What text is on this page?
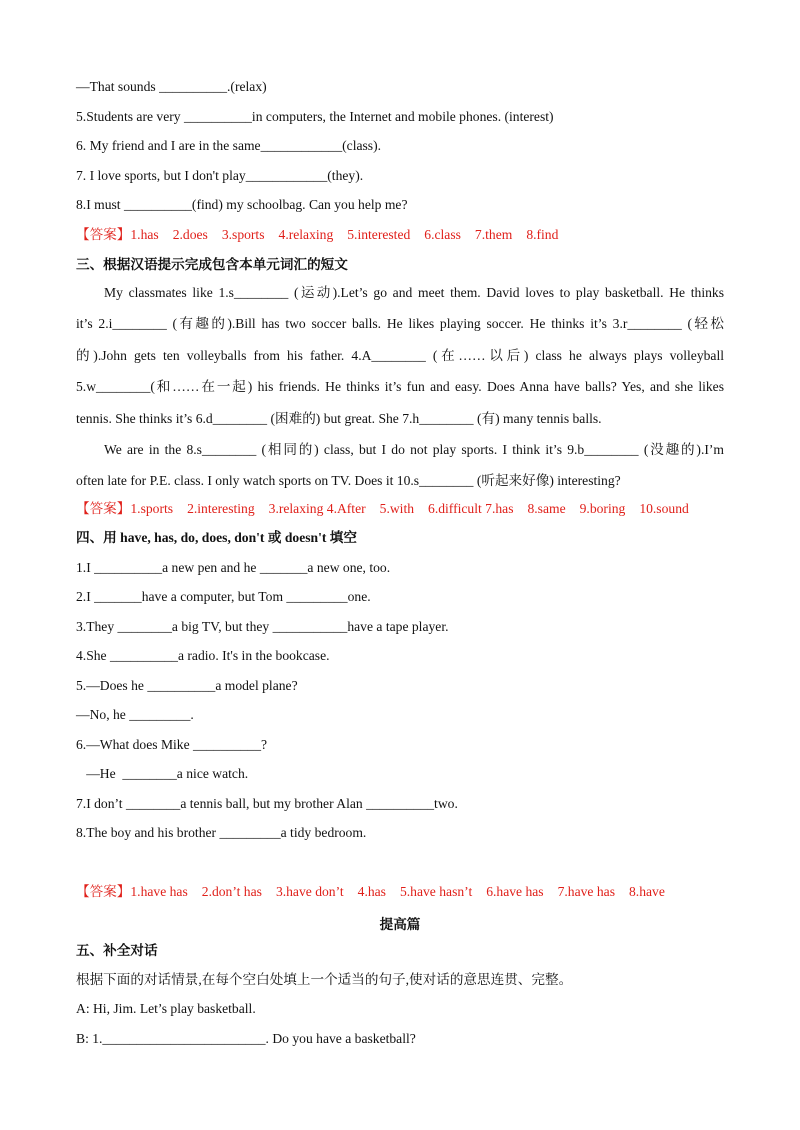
—That sounds __________.(relax)
5.Students are very __________in computers, the Internet and mobile phones. (interest)
6. My friend and I are in the same____________(class).
7. I love sports, but I don't play____________(they).
8.I must __________(find) my schoolbag. Can you help me?
【答案】1.has 2.does 3.sports 4.relaxing 5.interested 6.class 7.them 8.find
三、根据汉语提示完成包含本单元词汇的短文
My classmates like 1.s________ (运动).Let’s go and meet them. David loves to play basketball. He thinks
it’s 2.i________ (有趣的).Bill has two soccer balls. He likes playing soccer. He thinks it’s 3.r________ (轻松
的).John gets ten volleyballs from his father. 4.A________ (在……以后) class he always plays volleyball
5.w________(和……在一起) his friends. He thinks it’s fun and easy. Does Anna have balls? Yes, and she likes
tennis. She thinks it’s 6.d________ (困难的) but great. She 7.h________ (有) many tennis balls.
We are in the 8.s________ (相同的) class, but I do not play sports. I think it’s 9.b________ (没趣的).I’m
often late for P.E. class. I only watch sports on TV. Does it 10.s________ (听起来好像) interesting?
【答案】1.sports 2.interesting 3.relaxing 4.After 5.with 6.difficult 7.has 8.same 9.boring 10.sound
四、用 have, has, do, does, don't 或 doesn't 填空
1.I __________a new pen and he _______a new one, too.
2.I _______have a computer, but Tom _________one.
3.They ________a big TV, but they ___________have a tape player.
4.She __________a radio. It's in the bookcase.
5.—Does he __________a model plane?
—No, he _________.
6.—What does Mike __________?
—He  ________a nice watch.
7.I don’t ________a tennis ball, but my brother Alan __________two.
8.The boy and his brother _________a tidy bedroom.
【答案】1.have has 2.don’t has 3.have don’t 4.has 5.have hasn’t 6.have has 7.have has 8.have
提高篇
五、补全对话
根据下面的对话情景,在每个空白处填上一个适当的句子,使对话的意思连贯、完整。
A: Hi, Jim. Let’s play basketball.
B: 1.________________________. Do you have a basketball?
